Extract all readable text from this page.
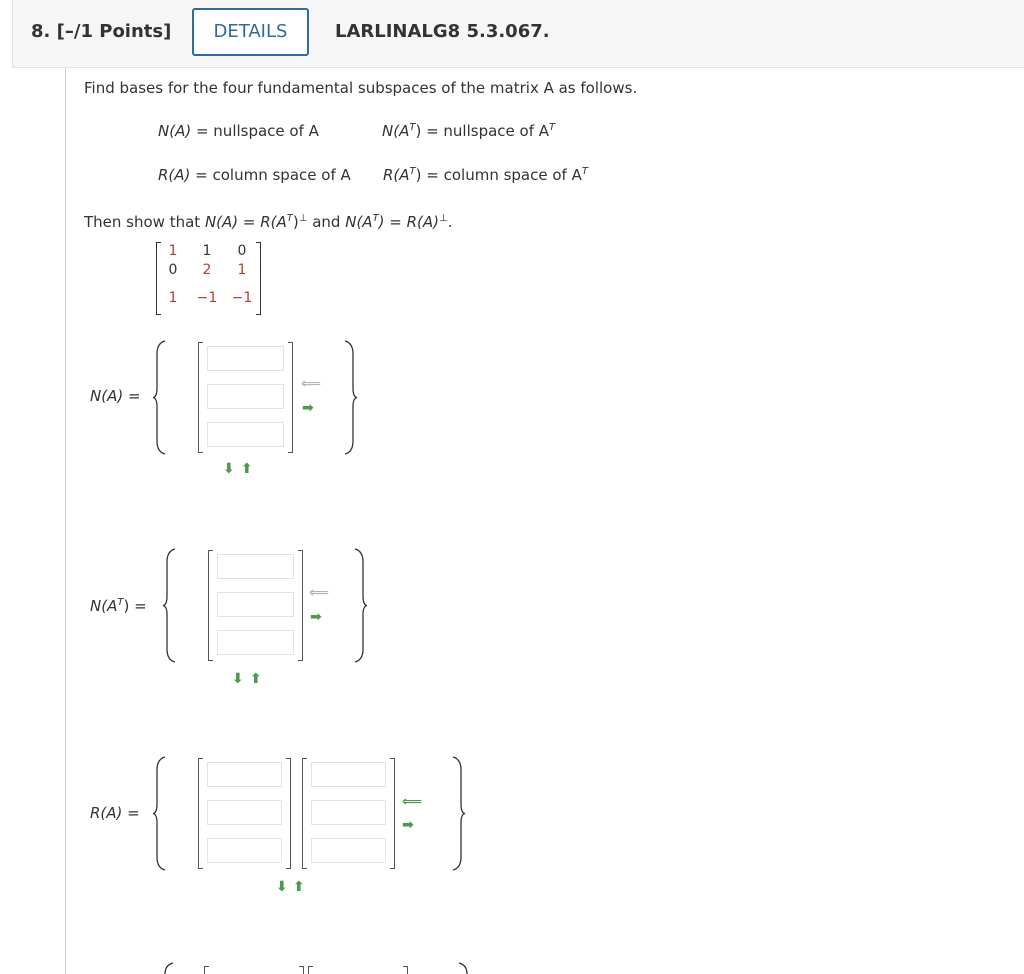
8. [–/1 Points]	DETAILS	LARLINALG8 5.3.067.
Find bases for the four fundamental subspaces of the matrix A as follows.
N(A) = nullspace of A	$N(A^T)$ = nullspace of $A^T$
R(A) = column space of A $R(A^T)$ = column space of $A^T$
Then show that $N(A) = R(A^T)^\perp$ and $N(A^T) = R(A)^\perp$.
1	1	0
0	2	1
1	−1 −1
N(A) =
⟸
➡
⬇ ⬆
$N(A^T)$ =
⟸
➡
⬇ ⬆
R(A) =
⟸
➡
⬇ ⬆
